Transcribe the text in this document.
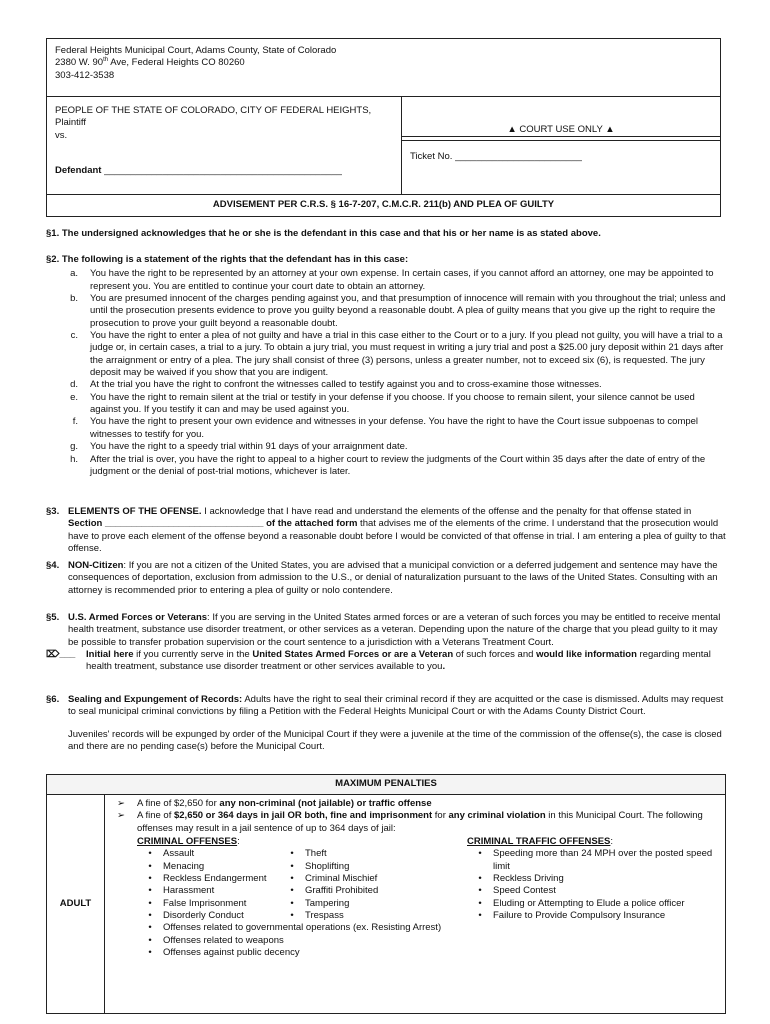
Federal Heights Municipal Court, Adams County, State of Colorado
2380 W. 90th Ave, Federal Heights CO 80260
303-412-3538
PEOPLE OF THE STATE OF COLORADO, CITY OF FEDERAL HEIGHTS,
Plaintiff
vs.
Defendant _____________________________________________
▲ COURT USE ONLY ▲
Ticket No. ________________________
ADVISEMENT PER C.R.S. § 16-7-207, C.M.C.R. 211(b) AND PLEA OF GUILTY
§1. The undersigned acknowledges that he or she is the defendant in this case and that his or her name is as stated above.
§2. The following is a statement of the rights that the defendant has in this case:
a.	You have the right to be represented by an attorney at your own expense. In certain cases, if you cannot afford an attorney, one may be appointed to represent you. You are entitled to continue your court date to obtain an attorney.
b.	You are presumed innocent of the charges pending against you, and that presumption of innocence will remain with you throughout the trial; unless and until the prosecution presents evidence to prove you guilty beyond a reasonable doubt. A plea of guilty means that you give up the right to require the prosecution to prove your guilt beyond a reasonable doubt.
c.	You have the right to enter a plea of not guilty and have a trial in this case either to the Court or to a jury. If you plead not guilty, you will have a trial to a judge or, in certain cases, a trial to a jury. To obtain a jury trial, you must request in writing a jury trial and post a $25.00 jury deposit within 21 days after the arraignment or entry of a plea. The jury shall consist of three (3) persons, unless a greater number, not to exceed six (6), is requested. The jury deposit may be waived if you show that you are indigent.
d.	At the trial you have the right to confront the witnesses called to testify against you and to cross-examine those witnesses.
e.	You have the right to remain silent at the trial or testify in your defense if you choose. If you choose to remain silent, your silence cannot be used against you. If you testify it can and may be used against you.
f.	You have the right to present your own evidence and witnesses in your defense. You have the right to have the Court issue subpoenas to compel witnesses to testify for you.
g.	You have the right to a speedy trial within 91 days of your arraignment date.
h.	After the trial is over, you have the right to appeal to a higher court to review the judgments of the Court within 35 days after the date of entry of the judgment or the denial of post-trial motions, whichever is later.
§3. ELEMENTS OF THE OFENSE. I acknowledge that I have read and understand the elements of the offense and the penalty for that offense stated in Section ______________________________ of the attached form that advises me of the elements of the crime. I understand that the prosecution would have to prove each element of the offense beyond a reasonable doubt before I would be convicted of that offense in trial. I am entering a plea of guilty to that offense.
§4. NON-Citizen: If you are not a citizen of the United States, you are advised that a municipal conviction or a deferred judgement and sentence may have the consequences of deportation, exclusion from admission to the U.S., or denial of naturalization pursuant to the laws of the United States. Consulting with an attorney is recommended prior to entering a plea of guilty or nolo contendere.
§5. U.S. Armed Forces or Veterans: If you are serving in the United States armed forces or are a veteran of such forces you may be entitled to receive mental health treatment, substance use disorder treatment, or other services as a veteran. Depending upon the nature of the charge that you plead guilty to it may be possible to transfer probation supervision or the court sentence to a jurisdiction with a Veterans Treatment Court.
⌦___	Initial here if you currently serve in the United States Armed Forces or are a Veteran of such forces and would like information regarding mental health treatment, substance use disorder treatment or other services available to you.
§6. Sealing and Expungement of Records: Adults have the right to seal their criminal record if they are acquitted or the case is dismissed. Adults may request to seal municipal criminal convictions by filing a Petition with the Federal Heights Municipal Court or with the Adams County District Court.
Juveniles' records will be expunged by order of the Municipal Court if they were a juvenile at the time of the commission of the offense(s), the case is closed and there are no pending case(s) before the Municipal Court.
MAXIMUM PENALTIES
ADULT
➢	A fine of $2,650 for any non-criminal (not jailable) or traffic offense
➢	A fine of $2,650 or 364 days in jail OR both, fine and imprisonment for any criminal violation in this Municipal Court. The following offenses may result in a jail sentence of up to 364 days of jail:
CRIMINAL OFFENSES:
•	Assault
•	Menacing
•	Reckless Endangerment
•	Harassment
•	False Imprisonment
•	Disorderly Conduct
•	Theft
•	Shoplifting
•	Criminal Mischief
•	Graffiti Prohibited
•	Tampering
•	Trespass
•	Offenses related to governmental operations (ex. Resisting Arrest)
•	Offenses related to weapons
•	Offenses against public decency
CRIMINAL TRAFFIC OFFENSES:
•	Speeding more than 24 MPH over the posted speed limit
•	Reckless Driving
•	Speed Contest
•	Eluding or Attempting to Elude a police officer
•	Failure to Provide Compulsory Insurance
